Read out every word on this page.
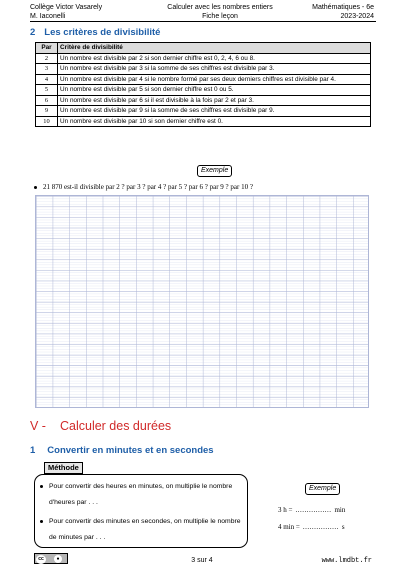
Collège Victor Vasarely
M. Iaconelli
Calculer avec les nombres entiers
Fiche leçon
Mathématiques - 6e
2023-2024
2 Les critères de divisibilité
Par	Critère de divisibilité
2	Un nombre est divisible par 2 si son dernier chiffre est 0, 2, 4, 6 ou 8.
3	Un nombre est divisible par 3 si la somme de ses chiffres est divisible par 3.
4	Un nombre est divisible par 4 si le nombre formé par ses deux derniers chiffres est divisible par 4.
5	Un nombre est divisible par 5 si son dernier chiffre est 0 ou 5.
6	Un nombre est divisible par 6 si il est divisible à la fois par 2 et par 3.
9	Un nombre est divisible par 9 si la somme de ses chiffres est divisible par 9.
10	Un nombre est divisible par 10 si son dernier chiffre est 0.
Exemple
21 870 est-il divisible par 2 ? par 3 ? par 4 ? par 5 ? par 6 ? par 9 ? par 10 ?
V - Calculer des durées
1 Convertir en minutes et en secondes
Méthode
Pour convertir des heures en minutes, on multiplie le nombre d'heures par . . .
Pour convertir des minutes en secondes, on multiplie le nombre de minutes par . . .
Exemple
3 h = ................ min
4 min = ................ s
cc	●	3 sur 4	www.lmdbt.fr
